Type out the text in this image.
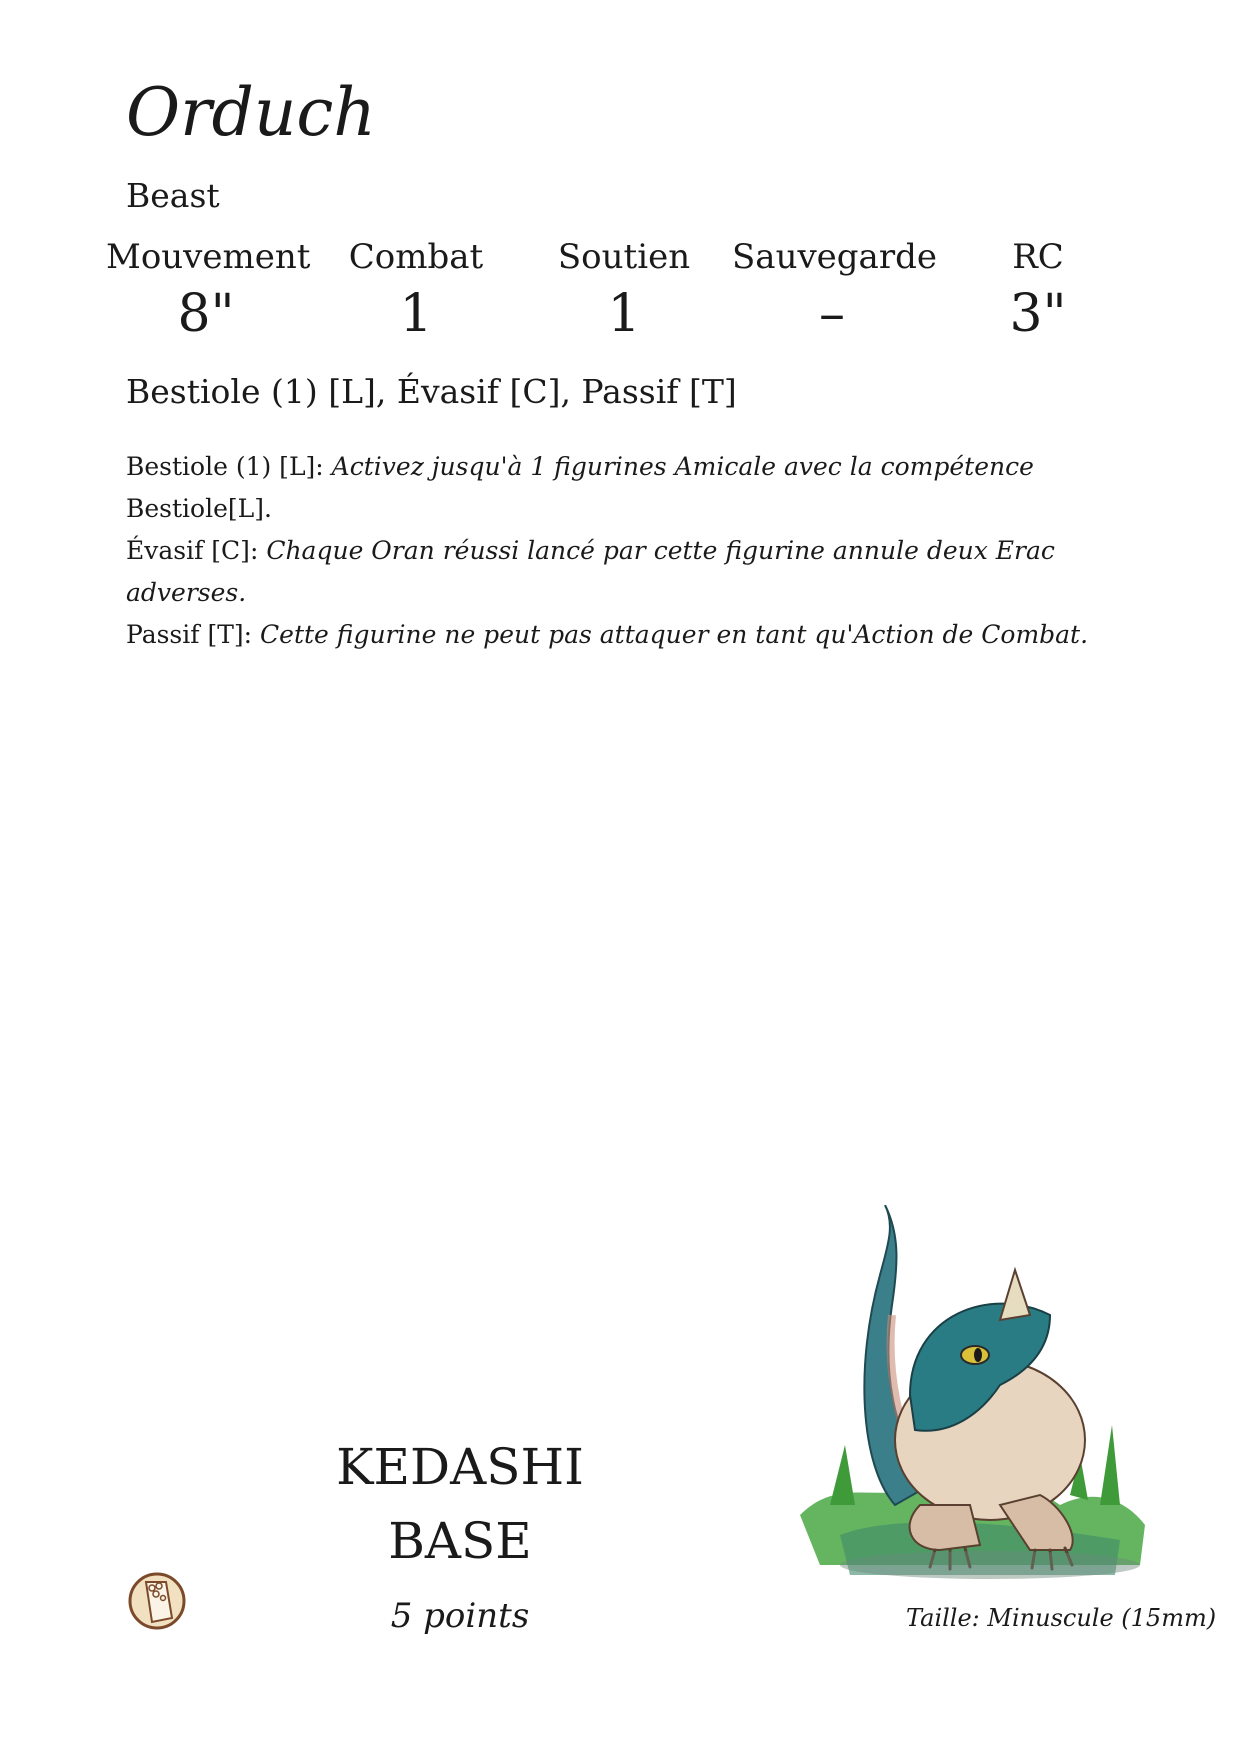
Orduch
Beast
Mouvement
8"
Combat
1
Soutien
1
Sauvegarde
–
RC
3"
Bestiole (1) [L], Évasif [C], Passif [T]

Bestiole (1) [L]: Activez jusqu'à 1 figurines Amicale avec la compétence

Bestiole[L].

Évasif [C]: Chaque Oran réussi lancé par cette figurine annule deux Erac adverses.

Passif [T]: Cette figurine ne peut pas attaquer en tant qu'Action de Combat.

KEDASHI
BASE
5 points	Taille: Minuscule (15mm)
